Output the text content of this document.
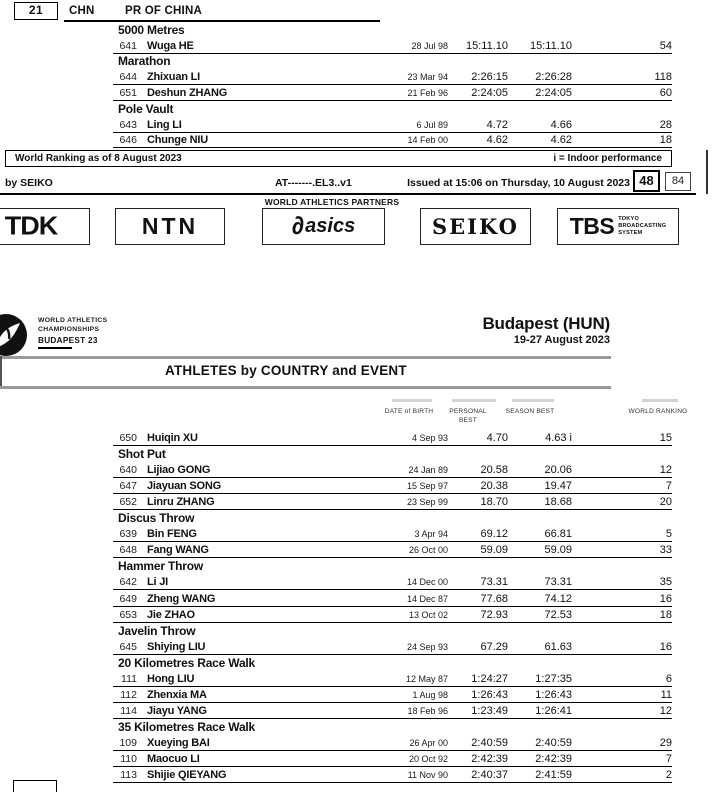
21	CHN	PR OF CHINA
5000 Metres
641 Wuga HE	28 Jul 98	15:11.10	15:11.10	54
Marathon
644 Zhixuan LI	23 Mar 94	2:26:15	2:26:28	118
651 Deshun ZHANG	21 Feb 96	2:24:05	2:24:05	60
Pole Vault
643 Ling LI	6 Jul 89	4.72	4.66	28
646 Chunge NIU	14 Feb 00	4.62	4.62	18
World Ranking as of 8 August 2023	i = Indoor performance
by SEIKO	AT-------.EL3..v1	Issued at 15:06 on Thursday, 10 August 2023 48	84
WORLD ATHLETICS PARTNERS
TDK	NTN	∂ asics	SEIKO TBS TOKYO
BROADCASTING
SYSTEM
WORLD ATHLETICS
CHAMPIONSHIPS
BUDAPEST 23
Budapest (HUN)
19-27 August 2023
ATHLETES by COUNTRY and EVENT
DATE of BIRTH	PERSONAL BEST
SEASON BEST	WORLD RANKING
650 Huiqin XU	4 Sep 93	4.70	4.63 i	15
Shot Put
640 Lijiao GONG	24 Jan 89	20.58	20.06	12
647 Jiayuan SONG	15 Sep 97	20.38	19.47	7
652 Linru ZHANG	23 Sep 99	18.70	18.68	20
Discus Throw
639 Bin FENG	3 Apr 94	69.12	66.81	5
648 Fang WANG	26 Oct 00	59.09	59.09	33
Hammer Throw
642 Li JI	14 Dec 00	73.31	73.31	35
649 Zheng WANG	14 Dec 87	77.68	74.12	16
653 Jie ZHAO	13 Oct 02	72.93	72.53	18
Javelin Throw
645 Shiying LIU	24 Sep 93	67.29	61.63	16
20 Kilometres Race Walk
111 Hong LIU	12 May 87	1:24:27	1:27:35	6
112 Zhenxia MA	1 Aug 98	1:26:43	1:26:43	11
114 Jiayu YANG	18 Feb 96	1:23:49	1:26:41	12
35 Kilometres Race Walk
109 Xueying BAI	26 Apr 00	2:40:59	2:40:59	29
110 Maocuo LI	20 Oct 92	2:42:39	2:42:39	7
113 Shijie QIEYANG	11 Nov 90	2:40:37	2:41:59	2
